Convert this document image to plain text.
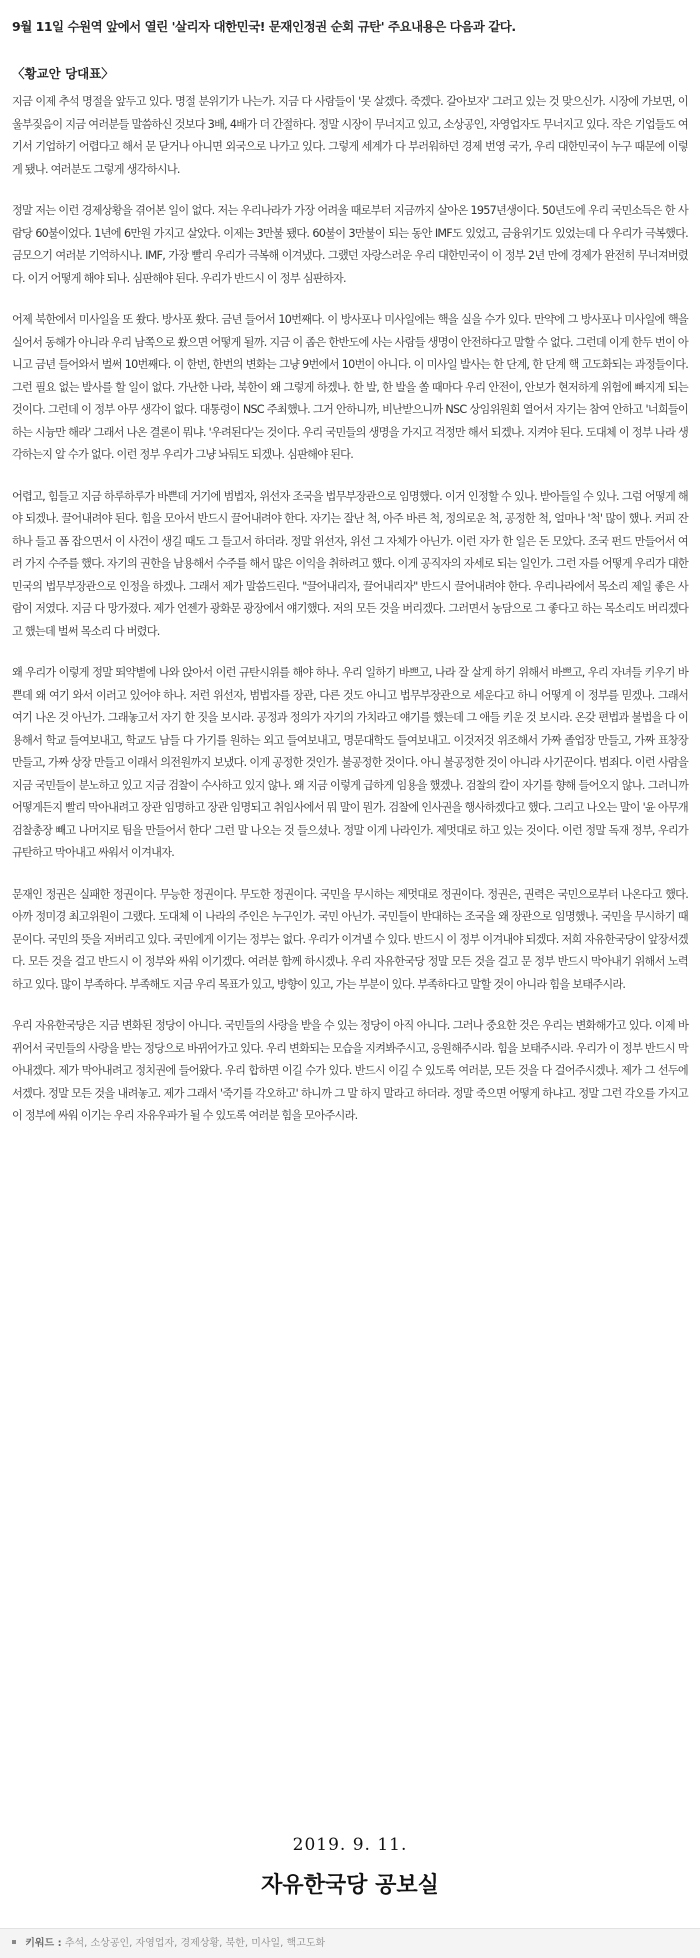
9월 11일 수원역 앞에서 열린 '살리자 대한민국! 문재인정권 순회 규탄' 주요내용은 다음과 같다.
〈황교안 당대표〉

지금 이제 추석 명절을 앞두고 있다. 명절 분위기가 나는가. 지금 다 사람들이 '못 살겠다. 죽겠다. 갈아보자' 그러고 있는 것 맞으신가. 시장에 가보면, 이 울부짖음이 지금 여러분들 말씀하신 것보다 3배, 4배가 더 간절하다. 정말 시장이 무너지고 있고, 소상공인, 자영업자도 무너지고 있다. 작은 기업들도 여기서 기업하기 어렵다고 해서 문 닫거나 아니면 외국으로 나가고 있다. 그렇게 세계가 다 부러워하던 경제 번영 국가, 우리 대한민국이 누구 때문에 이렇게 됐나. 여러분도 그렇게 생각하시나.

정말 저는 이런 경제상황을 겪어본 일이 없다. 저는 우리나라가 가장 어려울 때로부터 지금까지 살아온 1957년생이다. 50년도에 우리 국민소득은 한 사람당 60불이었다. 1년에 6만원 가지고 살았다. 이제는 3만불 됐다. 60불이 3만불이 되는 동안 IMF도 있었고, 금융위기도 있었는데 다 우리가 극복했다. 금모으기 여러분 기억하시나. IMF, 가장 빨리 우리가 극복해 이겨냈다. 그랬던 자랑스러운 우리 대한민국이 이 정부 2년 만에 경제가 완전히 무너져버렸다. 이거 어떻게 해야 되나. 심판해야 된다. 우리가 반드시 이 정부 심판하자.

어제 북한에서 미사일을 또 쐈다. 방사포 쐈다. 금년 들어서 10번째다. 이 방사포나 미사일에는 핵을 실을 수가 있다. 만약에 그 방사포나 미사일에 핵을 실어서 동해가 아니라 우리 남쪽으로 쐈으면 어떻게 될까. 지금 이 좁은 한반도에 사는 사람들 생명이 안전하다고 말할 수 없다. 그런데 이게 한두 번이 아니고 금년 들어와서 벌써 10번째다. 이 한번, 한번의 변화는 그냥 9번에서 10번이 아니다. 이 미사일 발사는 한 단계, 한 단계 핵 고도화되는 과정들이다. 그런 필요 없는 발사를 할 일이 없다. 가난한 나라, 북한이 왜 그렇게 하겠나. 한 발, 한 발을 쏠 때마다 우리 안전이, 안보가 현저하게 위험에 빠지게 되는 것이다. 그런데 이 정부 아무 생각이 없다. 대통령이 NSC 주최했나. 그거 안하니까, 비난받으니까 NSC 상임위원회 열어서 자기는 참여 안하고 '너희들이 하는 시늉만 해라' 그래서 나온 결론이 뭐냐. '우려된다'는 것이다. 우리 국민들의 생명을 가지고 걱정만 해서 되겠나. 지켜야 된다. 도대체 이 정부 나라 생각하는지 알 수가 없다. 이런 정부 우리가 그냥 놔둬도 되겠나. 심판해야 된다.

어렵고, 힘들고 지금 하루하루가 바쁜데 거기에 범법자, 위선자 조국을 법무부장관으로 임명했다. 이거 인정할 수 있나. 받아들일 수 있나. 그럼 어떻게 해야 되겠나. 끌어내려야 된다. 힘을 모아서 반드시 끌어내려야 한다. 자기는 잘난 척, 아주 바른 척, 정의로운 척, 공정한 척, 얼마나 '척' 많이 했나. 커피 잔 하나 들고 폼 잡으면서 이 사건이 생길 때도 그 들고서 하더라. 정말 위선자, 위선 그 자체가 아닌가. 이런 자가 한 일은 돈 모았다. 조국 펀드 만들어서 여러 가지 수주를 했다. 자기의 권한을 남용해서 수주를 해서 많은 이익을 취하려고 했다. 이게 공직자의 자세로 되는 일인가. 그런 자를 어떻게 우리가 대한민국의 법무부장관으로 인정을 하겠나. 그래서 제가 말씀드린다. "끌어내리자, 끌어내리자" 반드시 끌어내려야 한다. 우리나라에서 목소리 제일 좋은 사람이 저였다. 지금 다 망가졌다. 제가 언젠가 광화문 광장에서 얘기했다. 저의 모든 것을 버리겠다. 그러면서 농담으로 그 좋다고 하는 목소리도 버리겠다고 했는데 벌써 목소리 다 버렸다.

왜 우리가 이렇게 정말 뙤약볕에 나와 앉아서 이런 규탄시위를 해야 하나. 우리 일하기 바쁘고, 나라 잘 살게 하기 위해서 바쁘고, 우리 자녀들 키우기 바쁜데 왜 여기 와서 이러고 있어야 하나. 저런 위선자, 범법자를 장관, 다른 것도 아니고 법무부장관으로 세운다고 하니 어떻게 이 정부를 믿겠나. 그래서 여기 나온 것 아닌가. 그래놓고서 자기 한 짓을 보시라. 공정과 정의가 자기의 가치라고 얘기를 했는데 그 애들 키운 것 보시라. 온갖 편법과 불법을 다 이용해서 학교 들여보내고, 학교도 남들 다 가기를 원하는 외고 들여보내고, 명문대학도 들여보내고. 이것저것 위조해서 가짜 졸업장 만들고, 가짜 표창장 만들고, 가짜 상장 만들고 이래서 의전원까지 보냈다. 이게 공정한 것인가. 불공정한 것이다. 아니 불공정한 것이 아니라 사기꾼이다. 범죄다. 이런 사람을 지금 국민들이 분노하고 있고 지금 검찰이 수사하고 있지 않나. 왜 지금 이렇게 급하게 임용을 했겠나. 검찰의 칼이 자기를 향해 들어오지 않나. 그러니까 어떻게든지 빨리 막아내려고 장관 임명하고 장관 임명되고 취임사에서 뭐 말이 뭔가. 검찰에 인사권을 행사하겠다고 했다. 그리고 나오는 말이 '윤 아무개 검찰총장 빼고 나머지로 팀을 만들어서 한다' 그런 말 나오는 것 들으셨나. 정말 이게 나라인가. 제멋대로 하고 있는 것이다. 이런 정말 독재 정부, 우리가 규탄하고 막아내고 싸워서 이겨내자.

문재인 정권은 실패한 정권이다. 무능한 정권이다. 무도한 정권이다. 국민을 무시하는 제멋대로 정권이다. 정권은, 권력은 국민으로부터 나온다고 했다. 아까 정미경 최고위원이 그랬다. 도대체 이 나라의 주인은 누구인가. 국민 아닌가. 국민들이 반대하는 조국을 왜 장관으로 임명했나. 국민을 무시하기 때문이다. 국민의 뜻을 저버리고 있다. 국민에게 이기는 정부는 없다. 우리가 이겨낼 수 있다. 반드시 이 정부 이겨내야 되겠다. 저희 자유한국당이 앞장서겠다. 모든 것을 걸고 반드시 이 정부와 싸워 이기겠다. 여러분 함께 하시겠나. 우리 자유한국당 정말 모든 것을 걸고 문 정부 반드시 막아내기 위해서 노력하고 있다. 많이 부족하다. 부족해도 지금 우리 목표가 있고, 방향이 있고, 가는 부분이 있다. 부족하다고 말할 것이 아니라 힘을 보태주시라.

우리 자유한국당은 지금 변화된 정당이 아니다. 국민들의 사랑을 받을 수 있는 정당이 아직 아니다. 그러나 중요한 것은 우리는 변화해가고 있다. 이제 바뀌어서 국민들의 사랑을 받는 정당으로 바뀌어가고 있다. 우리 변화되는 모습을 지켜봐주시고, 응원해주시라. 힘을 보태주시라. 우리가 이 정부 반드시 막아내겠다. 제가 막아내려고 정치권에 들어왔다. 우리 합하면 이길 수가 있다. 반드시 이길 수 있도록 여러분, 모든 것을 다 걸어주시겠나. 제가 그 선두에 서겠다. 정말 모든 것을 내려놓고. 제가 그래서 '죽기를 각오하고' 하니까 그 말 하지 말라고 하더라. 정말 죽으면 어떻게 하냐고. 정말 그런 각오를 가지고 이 정부에 싸워 이기는 우리 자유우파가 될 수 있도록 여러분 힘을 모아주시라.

2019. 9. 11.
자유한국당 공보실
키워드 : 추석, 소상공인, 자영업자, 경제상황, 북한, 미사일, 핵고도화
